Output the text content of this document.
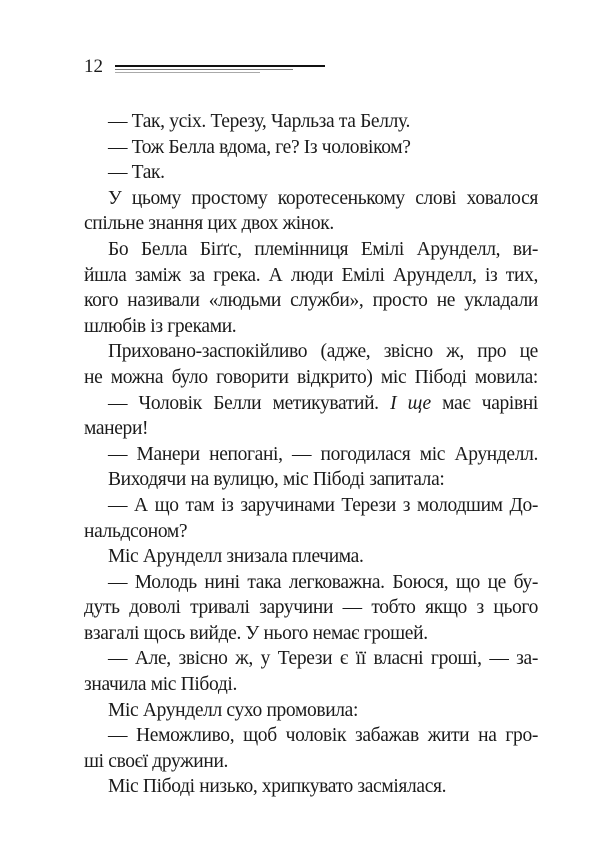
12
— Так, усіх. Терезу, Чарльза та Беллу.
— Тож Белла вдома, ге? Із чоловіком?
— Так.
У цьому простому коротесенькому слові ховалося
спільне знання цих двох жінок.
Бо Белла Біґґс, племінниця Емілі Арунделл, ви-
йшла заміж за грека. А люди Емілі Арунделл, із тих,
кого називали «людьми служби», просто не укладали
шлюбів із греками.
Приховано-заспокійливо (адже, звісно ж, про це
не можна було говорити відкрито) міс Пібоді мовила:
— Чоловік Белли метикуватий. І ще має чарівні
манери!
— Манери непогані, — погодилася міс Арунделл.
Виходячи на вулицю, міс Пібоді запитала:
— А що там із заручинами Терези з молодшим До-
нальдсоном?
Міс Арунделл знизала плечима.
— Молодь нині така легковажна. Боюся, що це бу-
дуть доволі тривалі заручини — тобто якщо з цього
взагалі щось вийде. У нього немає грошей.
— Але, звісно ж, у Терези є її власні гроші, — за-
значила міс Пібоді.
Міс Арунделл сухо промовила:
— Неможливо, щоб чоловік забажав жити на гро-
ші своєї дружини.
Міс Пібоді низько, хрипкувато засміялася.
